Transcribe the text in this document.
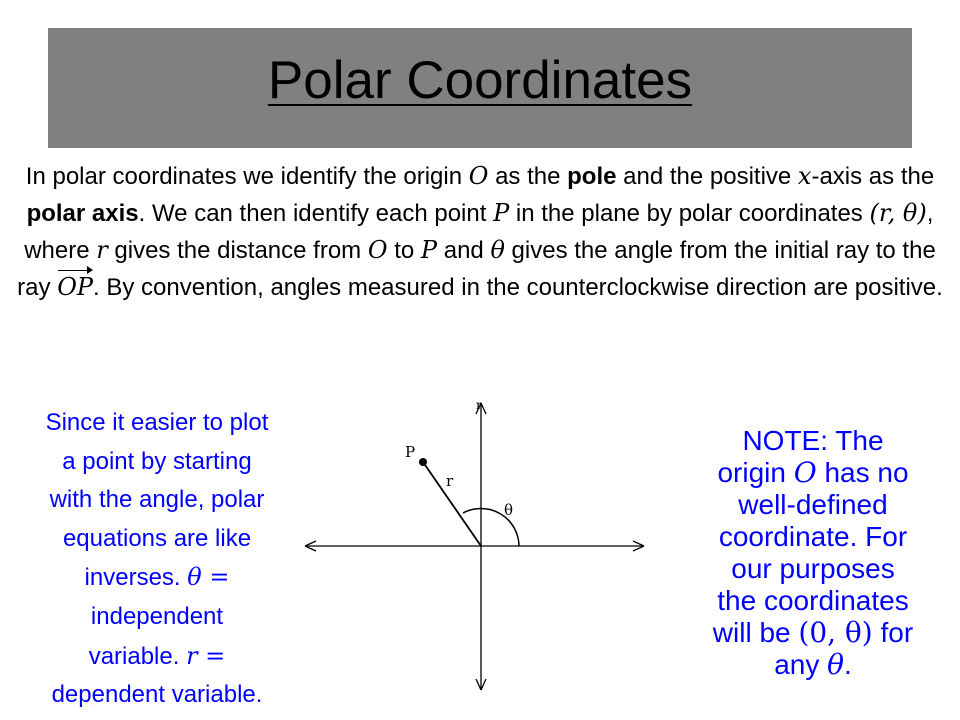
Polar Coordinates

In polar coordinates we identify the origin O as the pole and the positive x-axis as the polar axis. We can then identify each point P in the plane by polar coordinates (r, θ), where r gives the distance from O to P and θ gives the angle from the initial ray to the ray OP. By convention, angles measured in the counterclockwise direction are positive.

Since it easier to plot

a point by starting

with the angle, polar

equations are like

inverses. θ =

independent

variable. r =

dependent variable.

r
P
r
θ

NOTE: The

origin O has no

well-defined

coordinate. For

our purposes

the coordinates

will be (0, θ) for

any θ.
